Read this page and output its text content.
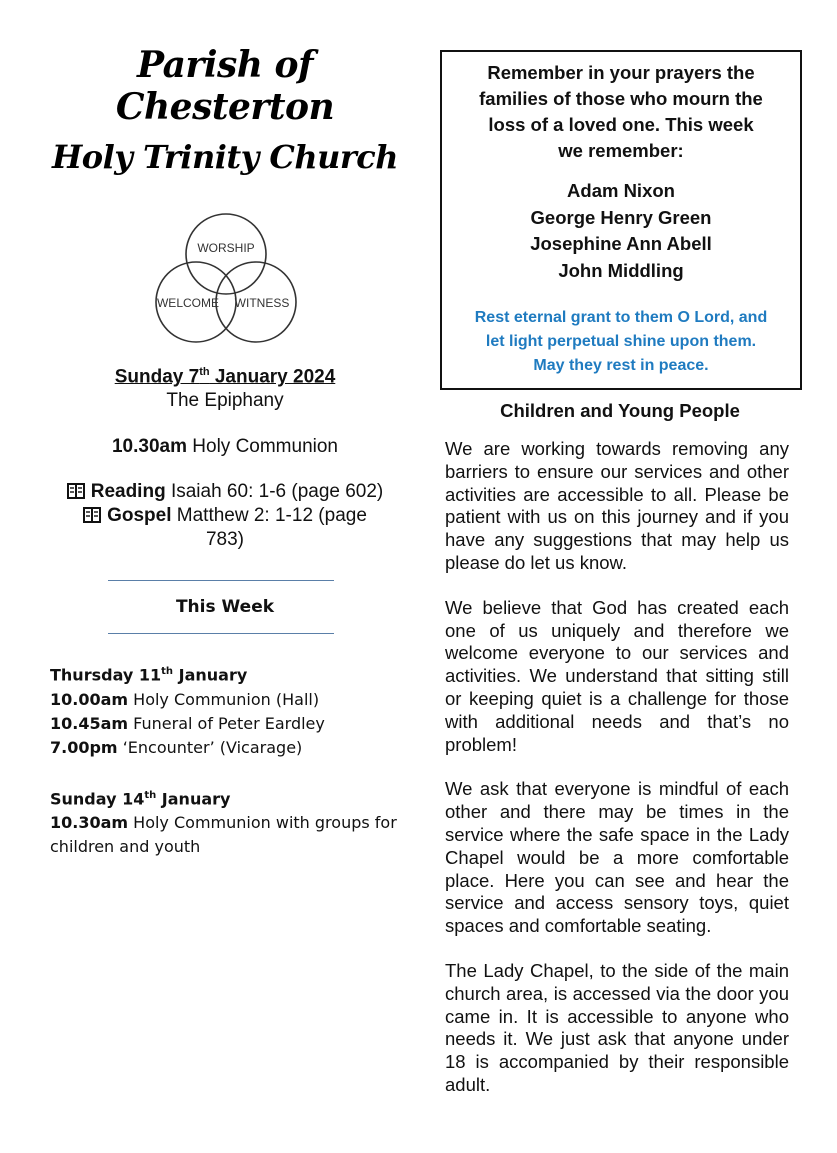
Parish of Chesterton
Holy Trinity Church
WORSHIP
WELCOME WITNESS
Sunday 7th January 2024
The Epiphany
10.30am Holy Communion
Reading Isaiah 60: 1-6 (page 602)
Gospel Matthew 2: 1-12 (page
783)
This Week
Thursday 11th January
10.00am Holy Communion (Hall)
10.45am Funeral of Peter Eardley
7.00pm ‘Encounter’ (Vicarage)
Sunday 14th January
10.30am Holy Communion with groups for
children and youth
Remember in your prayers the
families of those who mourn the
loss of a loved one. This week
we remember:
Adam Nixon
George Henry Green
Josephine Ann Abell
John Middling
Rest eternal grant to them O Lord, and
let light perpetual shine upon them.
May they rest in peace.
Children and Young People

We are working towards removing any barriers to ensure our services and other activities are accessible to all. Please be patient with us on this journey and if you have any suggestions that may help us please do let us know.

We believe that God has created each one of us uniquely and therefore we welcome everyone to our services and activities. We understand that sitting still or keeping quiet is a challenge for those with additional needs and that’s no problem!

We ask that everyone is mindful of each other and there may be times in the service where the safe space in the Lady Chapel would be a more comfortable place. Here you can see and hear the service and access sensory toys, quiet spaces and comfortable seating.

The Lady Chapel, to the side of the main church area, is accessed via the door you came in. It is accessible to anyone who needs it. We just ask that anyone under 18 is accompanied by their responsible adult.
